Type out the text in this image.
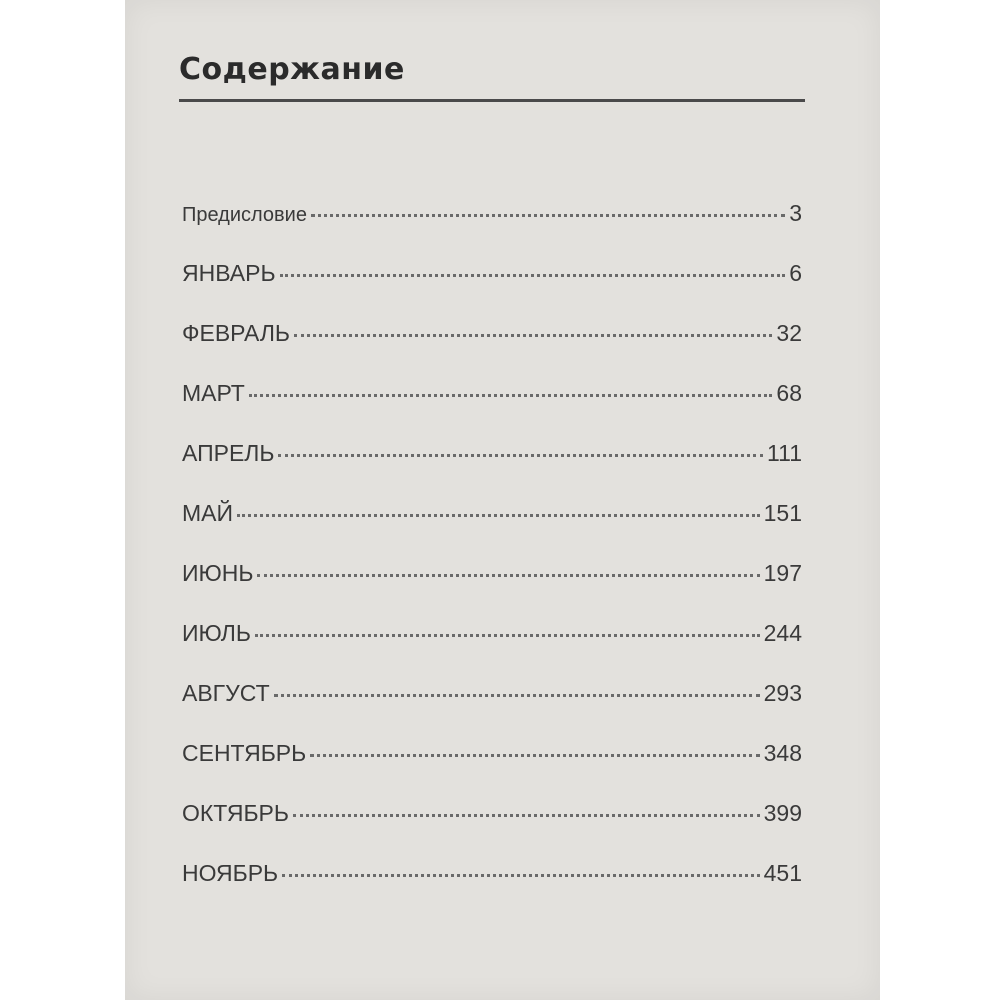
Содержание
Предисловие	3
ЯНВАРЬ	6
ФЕВРАЛЬ	32
МАРТ	68
АПРЕЛЬ	111
МАЙ	151
ИЮНЬ	197
ИЮЛЬ	244
АВГУСТ	293
СЕНТЯБРЬ	348
ОКТЯБРЬ	399
НОЯБРЬ	451
